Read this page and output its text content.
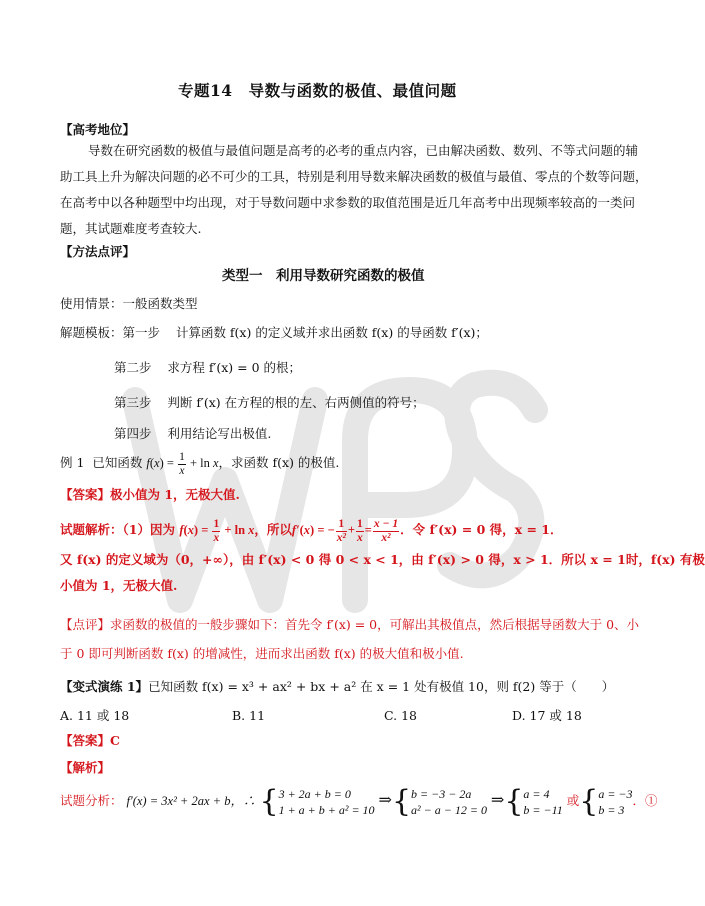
专题14　导数与函数的极值、最值问题
【高考地位】
导数在研究函数的极值与最值问题是高考的必考的重点内容，已由解决函数、数列、不等式问题的辅
助工具上升为解决问题的必不可少的工具，特别是利用导数来解决函数的极值与最值、零点的个数等问题，
在高考中以各种题型中均出现，对于导数问题中求参数的取值范围是近几年高考中出现频率较高的一类问
题，其试题难度考查较大.
【方法点评】
类型一　利用导数研究函数的极值
使用情景：一般函数类型
解题模板：第一步 计算函数 f(x) 的定义域并求出函数 f(x) 的导函数 f′(x)；
第二步 求方程 f′(x) = 0 的根；
第三步 判断 f′(x) 在方程的根的左、右两侧值的符号；
第四步 利用结论写出极值.
例 1 已知函数 $f(x) = \frac{1}{x} + \ln x$，求函数 f(x) 的极值.
【答案】极小值为 1，无极大值.
试题解析：（1）因为 $f(x) = \frac{1}{x} + \ln x$，所以f′(x) = − $\frac{1}{\text{x²}} + \frac{1}{x} = \frac{x - 1}{\text{x²}}$ ．令 f′(x) = 0 得，x = 1．
又 f(x) 的定义域为（0，+∞），由 f′(x) < 0 得 0 < x < 1，由 f′(x) > 0 得，x > 1．所以 x = 1时，f(x) 有极
小值为 1，无极大值.
【点评】求函数的极值的一般步骤如下：首先令 f′(x) = 0，可解出其极值点，然后根据导函数大于 0、小
于 0 即可判断函数 f(x) 的增减性，进而求出函数 f(x) 的极大值和极小值.
【变式演练 1】已知函数 f(x) = x³ + ax² + bx + a² 在 x = 1 处有极值 10，则 f(2) 等于（　　）
A. 11 或 18	B. 11	C. 18	D. 17 或 18
【答案】C
【解析】
试题分析： f′(x) = 3x² + 2ax + b，∴ { 3 + 2a + b = 0
1 + a + b + a² = 10
⇒{ b = −3 − 2a
a² − a − 12 = 0
⇒{ a = 4
b = −11
或{ a = −3
b = 3
．①
